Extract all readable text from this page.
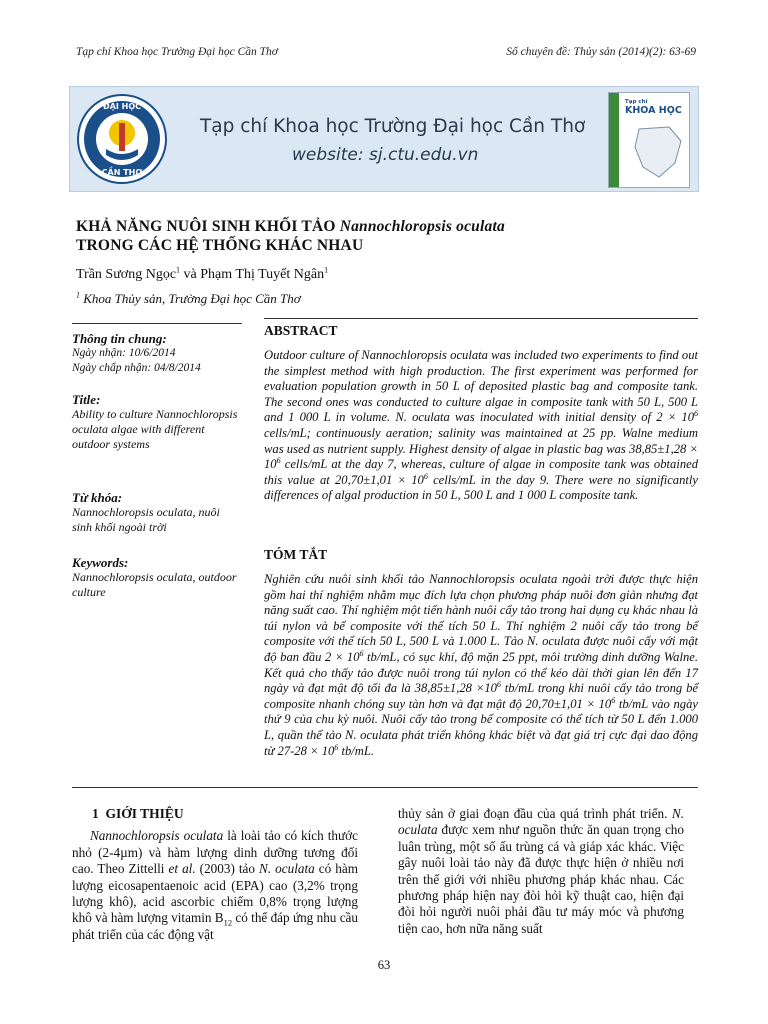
Tạp chí Khoa học Trường Đại học Cần Thơ	Số chuyên đề: Thủy sản (2014)(2): 63-69
ĐẠI HỌC
CẦN THƠ
Tạp chí Khoa học Trường Đại học Cần Thơ
website: sj.ctu.edu.vn
Tạp chí
KHOA HỌC
KHẢ NĂNG NUÔI SINH KHỐI TẢO Nannochloropsis oculata
TRONG CÁC HỆ THỐNG KHÁC NHAU
Trần Sương Ngọc$^1$ và Phạm Thị Tuyết Ngân$^1$
$^1$ Khoa Thủy sản, Trường Đại học Cần Thơ
Thông tin chung:
Ngày nhận: 10/6/2014
Ngày chấp nhận: 04/8/2014
Title:
Ability to culture Nannochloropsis oculata algae with different outdoor systems
Từ khóa:
Nannochloropsis oculata, nuôi sinh khối ngoài trời
Keywords:
Nannochloropsis oculata, outdoor culture
ABSTRACT
Outdoor culture of Nannochloropsis oculata was included two experiments to find out the simplest method with high production. The first experiment was performed for evaluation population growth in 50 L of deposited plastic bag and composite tank. The second ones was conducted to culture algae in composite tank with 50 L, 500 L and 1 000 L in volume. N. oculata was inoculated with initial density of $2 \times 10^6$ cells/mL; continuously aeration; salinity was maintained at 25 pp. Walne medium was used as nutrient supply. Highest density of algae in plastic bag was $38,85\pm 1,28 \times 10^6$ cells/mL at the day 7, whereas, culture of algae in composite tank was obtained this value at $20,70\pm 1,01 \times 10^6$ cells/mL in the day 9. There were no significantly differences of algal production in 50 L, 500 L and 1 000 L composite tank.
TÓM TẮT
Nghiên cứu nuôi sinh khối tảo Nannochloropsis oculata ngoài trời được thực hiện gồm hai thí nghiệm nhằm mục đích lựa chọn phương pháp nuôi đơn giản nhưng đạt năng suất cao. Thí nghiệm một tiến hành nuôi cấy tảo trong hai dụng cụ khác nhau là túi nylon và bể composite với thể tích 50 L. Thí nghiệm 2 nuôi cấy tảo trong bể composite với thể tích 50 L, 500 L và 1.000 L. Tảo N. oculata được nuôi cấy với mật độ ban đầu $2 \times 10^6$ tb/mL, có sục khí, độ mặn 25 ppt, môi trường dinh dưỡng Walne. Kết quả cho thấy tảo được nuôi trong túi nylon có thể kéo dài thời gian lên đến 17 ngày và đạt mật độ tối đa là $38,85\pm 1,28 \times 10^6$ tb/mL trong khi nuôi cấy tảo trong bể composite nhanh chóng suy tàn hơn và đạt mật độ $20,70\pm 1,01 \times 10^6$ tb/mL vào ngày thứ 9 của chu kỳ nuôi. Nuôi cấy tảo trong bể composite có thể tích từ 50 L đến 1.000 L, quần thể tảo N. oculata phát triển không khác biệt và đạt giá trị cực đại dao động từ $27-28 \times 10^6$ tb/mL.

1 GIỚI THIỆU

Nannochloropsis oculata là loài tảo có kích thước nhỏ (2-4µm) và hàm lượng dinh dưỡng tương đối cao. Theo Zittelli et al. (2003) tảo N. oculata có hàm lượng eicosapentaenoic acid (EPA) cao (3,2% trọng lượng khô), acid ascorbic chiếm 0,8% trọng lượng khô và hàm lượng vitamin $B_{12}$ có thể đáp ứng nhu cầu phát triển của các động vật

thủy sản ở giai đoạn đầu của quá trình phát triển. N. oculata được xem như nguồn thức ăn quan trọng cho luân trùng, một số ấu trùng cá và giáp xác khác. Việc gây nuôi loài tảo này đã được thực hiện ở nhiều nơi trên thế giới với nhiều phương pháp khác nhau. Các phương pháp hiện nay đòi hỏi kỹ thuật cao, hiện đại đòi hỏi người nuôi phải đầu tư máy móc và phương tiện cao, hơn nữa năng suất

63
